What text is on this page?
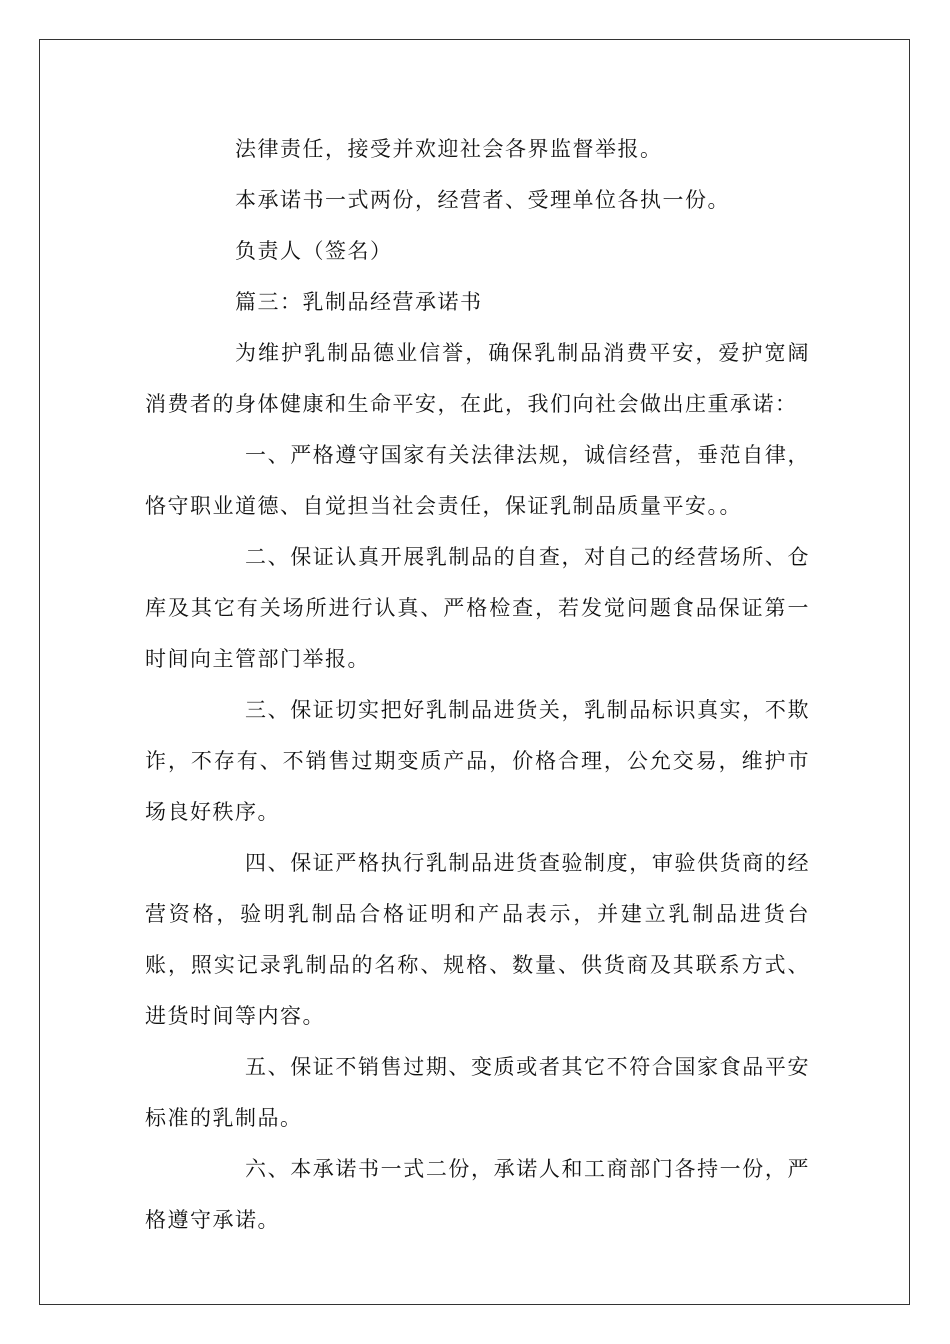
法律责任，接受并欢迎社会各界监督举报。

本承诺书一式两份，经营者、受理单位各执一份。

负责人（签名）

篇三：乳制品经营承诺书

为维护乳制品德业信誉，确保乳制品消费平安，爱护宽阔消费者的身体健康和生命平安，在此，我们向社会做出庄重承诺：

一、严格遵守国家有关法律法规，诚信经营，垂范自律，恪守职业道德、自觉担当社会责任，保证乳制品质量平安。。

二、保证认真开展乳制品的自查，对自己的经营场所、仓库及其它有关场所进行认真、严格检查，若发觉问题食品保证第一时间向主管部门举报。

三、保证切实把好乳制品进货关，乳制品标识真实，不欺诈，不存有、不销售过期变质产品，价格合理，公允交易，维护市场良好秩序。

四、保证严格执行乳制品进货查验制度，审验供货商的经营资格，验明乳制品合格证明和产品表示，并建立乳制品进货台账，照实记录乳制品的名称、规格、数量、供货商及其联系方式、进货时间等内容。

五、保证不销售过期、变质或者其它不符合国家食品平安标准的乳制品。

六、本承诺书一式二份，承诺人和工商部门各持一份，严格遵守承诺。
